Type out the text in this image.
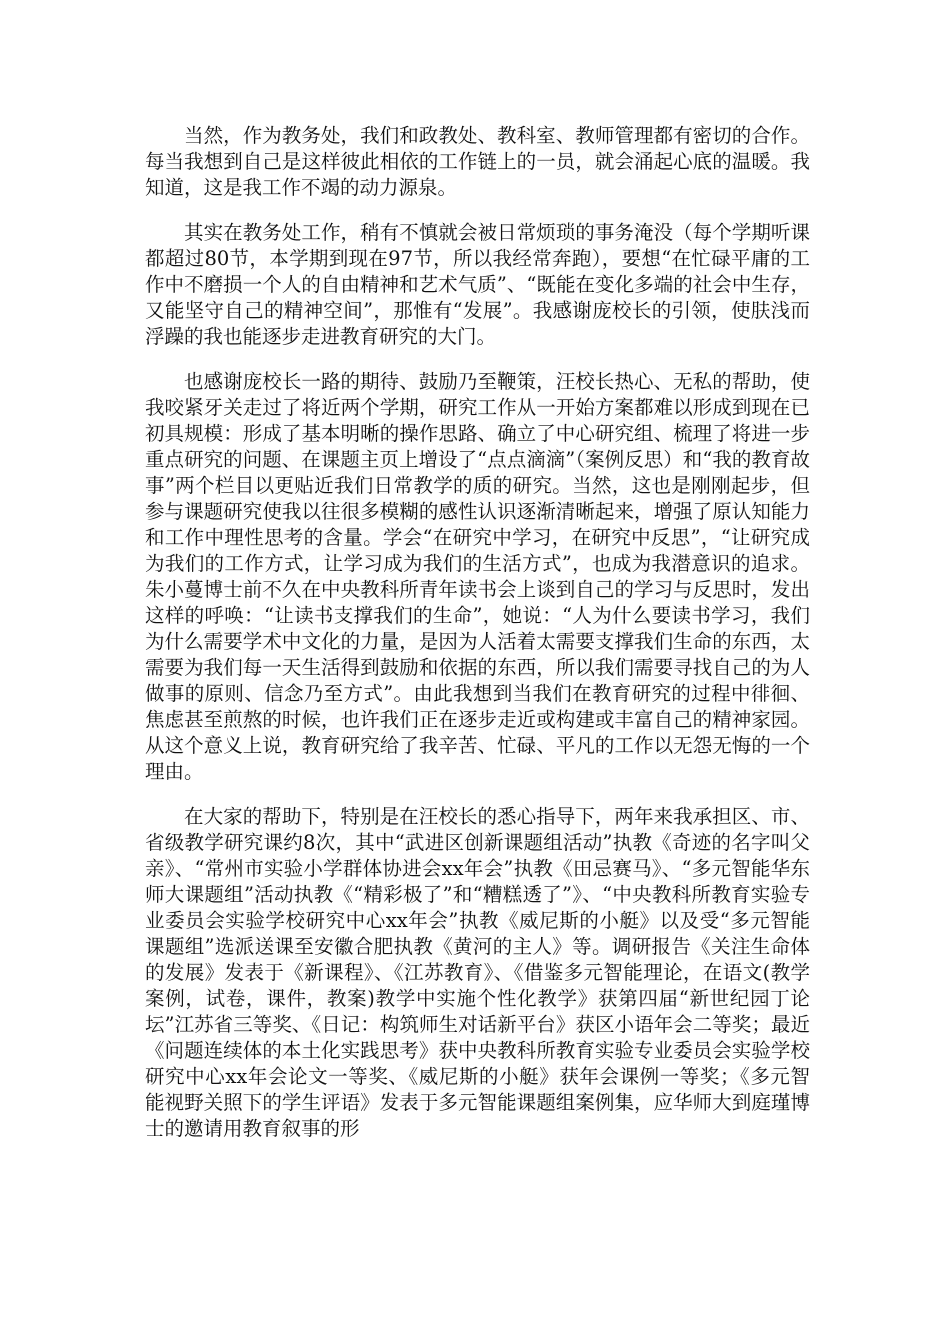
当然，作为教务处，我们和政教处、教科室、教师管理都有密切的合作。每当我想到自己是这样彼此相依的工作链上的一员，就会涌起心底的温暖。我知道，这是我工作不竭的动力源泉。

其实在教务处工作，稍有不慎就会被日常烦琐的事务淹没（每个学期听课都超过80节，本学期到现在97节，所以我经常奔跑），要想“在忙碌平庸的工作中不磨损一个人的自由精神和艺术气质”、“既能在变化多端的社会中生存，又能坚守自己的精神空间”，那惟有“发展”。我感谢庞校长的引领，使肤浅而浮躁的我也能逐步走进教育研究的大门。

也感谢庞校长一路的期待、鼓励乃至鞭策，汪校长热心、无私的帮助，使我咬紧牙关走过了将近两个学期，研究工作从一开始方案都难以形成到现在已初具规模：形成了基本明晰的操作思路、确立了中心研究组、梳理了将进一步重点研究的问题、在课题主页上增设了“点点滴滴”（案例反思）和“我的教育故事”两个栏目以更贴近我们日常教学的质的研究。当然，这也是刚刚起步，但参与课题研究使我以往很多模糊的感性认识逐渐清晰起来，增强了原认知能力和工作中理性思考的含量。学会“在研究中学习，在研究中反思”，“让研究成为我们的工作方式，让学习成为我们的生活方式”，也成为我潜意识的追求。朱小蔓博士前不久在中央教科所青年读书会上谈到自己的学习与反思时，发出这样的呼唤：“让读书支撑我们的生命”，她说：“人为什么要读书学习，我们为什么需要学术中文化的力量，是因为人活着太需要支撑我们生命的东西，太需要为我们每一天生活得到鼓励和依据的东西，所以我们需要寻找自己的为人做事的原则、信念乃至方式”。由此我想到当我们在教育研究的过程中徘徊、焦虑甚至煎熬的时候，也许我们正在逐步走近或构建或丰富自己的精神家园。从这个意义上说，教育研究给了我辛苦、忙碌、平凡的工作以无怨无悔的一个理由。

在大家的帮助下，特别是在汪校长的悉心指导下，两年来我承担区、市、省级教学研究课约8次，其中“武进区创新课题组活动”执教《奇迹的名字叫父亲》、“常州市实验小学群体协进会xx年会”执教《田忌赛马》、“多元智能华东师大课题组”活动执教《“精彩极了”和“糟糕透了”》、“中央教科所教育实验专业委员会实验学校研究中心xx年会”执教《威尼斯的小艇》以及受“多元智能课题组”选派送课至安徽合肥执教《黄河的主人》等。调研报告《关注生命体的发展》发表于《新课程》、《江苏教育》、《借鉴多元智能理论，在语文(教学案例，试卷，课件，教案)教学中实施个性化教学》获第四届“新世纪园丁论坛”江苏省三等奖、《日记：构筑师生对话新平台》获区小语年会二等奖；最近《问题连续体的本土化实践思考》获中央教科所教育实验专业委员会实验学校研究中心xx年会论文一等奖、《威尼斯的小艇》获年会课例一等奖；《多元智能视野关照下的学生评语》发表于多元智能课题组案例集，应华师大到庭瑾博士的邀请用教育叙事的形
